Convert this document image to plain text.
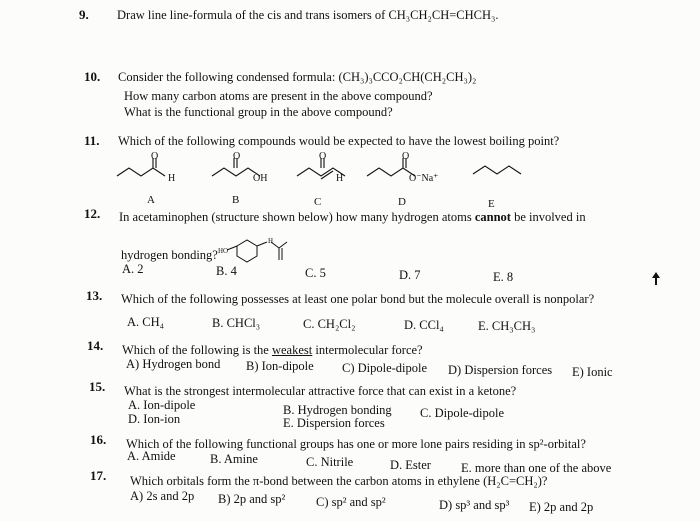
9. Draw line line-formula of the cis and trans isomers of CH₃CH₂CH=CHCH₃.
10. Consider the following condensed formula: (CH₃)₃CCO₂CH(CH₂CH₃)₂
How many carbon atoms are present in the above compound?
What is the functional group in the above compound?
11. Which of the following compounds would be expected to have the lowest boiling point?
O
H
O
OH
O
H
O
O⁻Na⁺
A	B	C	D	E
12. In acetaminophen (structure shown below) how many hydrogen atoms cannot be involved in
hydrogen bonding? HO
H
A. 2	B. 4	C. 5	D. 7	E. 8
13. Which of the following possesses at least one polar bond but the molecule overall is nonpolar?
A. CH₄	B. CHCl₃	C. CH₂Cl₂	D. CCl₄	E. CH₃CH₃
14. Which of the following is the weakest intermolecular force?
A) Hydrogen bond B) Ion-dipole C) Dipole-dipole D) Dispersion forces E) Ionic
15. What is the strongest intermolecular attractive force that can exist in a ketone?
A. Ion-dipole	B. Hydrogen bonding C. Dipole-dipole
D. Ion-ion	E. Dispersion forces
16. Which of the following functional groups has one or more lone pairs residing in sp²-orbital?
A. Amide	B. Amine	C. Nitrile	D. Ester E. more than one of the above
17. Which orbitals form the π-bond between the carbon atoms in ethylene (H₂C=CH₂)?
A) 2s and 2p B) 2p and sp² C) sp² and sp²	D) sp³ and sp³ E) 2p and 2p
